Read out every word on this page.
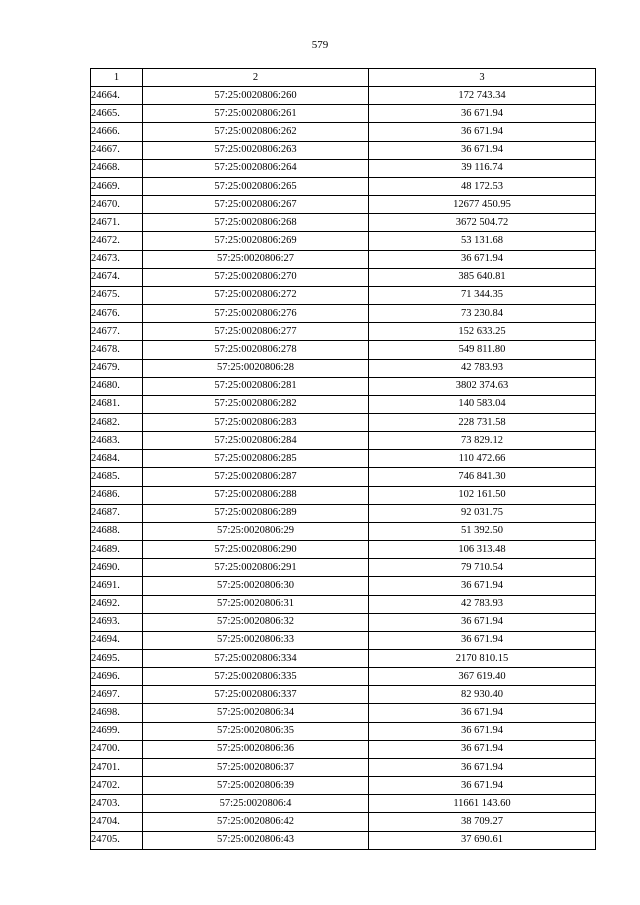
579
1	2	3
24664.	57:25:0020806:260	172 743.34
24665.	57:25:0020806:261	36 671.94
24666.	57:25:0020806:262	36 671.94
24667.	57:25:0020806:263	36 671.94
24668.	57:25:0020806:264	39 116.74
24669.	57:25:0020806:265	48 172.53
24670.	57:25:0020806:267	12677 450.95
24671.	57:25:0020806:268	3672 504.72
24672.	57:25:0020806:269	53 131.68
24673.	57:25:0020806:27	36 671.94
24674.	57:25:0020806:270	385 640.81
24675.	57:25:0020806:272	71 344.35
24676.	57:25:0020806:276	73 230.84
24677.	57:25:0020806:277	152 633.25
24678.	57:25:0020806:278	549 811.80
24679.	57:25:0020806:28	42 783.93
24680.	57:25:0020806:281	3802 374.63
24681.	57:25:0020806:282	140 583.04
24682.	57:25:0020806:283	228 731.58
24683.	57:25:0020806:284	73 829.12
24684.	57:25:0020806:285	110 472.66
24685.	57:25:0020806:287	746 841.30
24686.	57:25:0020806:288	102 161.50
24687.	57:25:0020806:289	92 031.75
24688.	57:25:0020806:29	51 392.50
24689.	57:25:0020806:290	106 313.48
24690.	57:25:0020806:291	79 710.54
24691.	57:25:0020806:30	36 671.94
24692.	57:25:0020806:31	42 783.93
24693.	57:25:0020806:32	36 671.94
24694.	57:25:0020806:33	36 671.94
24695.	57:25:0020806:334	2170 810.15
24696.	57:25:0020806:335	367 619.40
24697.	57:25:0020806:337	82 930.40
24698.	57:25:0020806:34	36 671.94
24699.	57:25:0020806:35	36 671.94
24700.	57:25:0020806:36	36 671.94
24701.	57:25:0020806:37	36 671.94
24702.	57:25:0020806:39	36 671.94
24703.	57:25:0020806:4	11661 143.60
24704.	57:25:0020806:42	38 709.27
24705.	57:25:0020806:43	37 690.61
